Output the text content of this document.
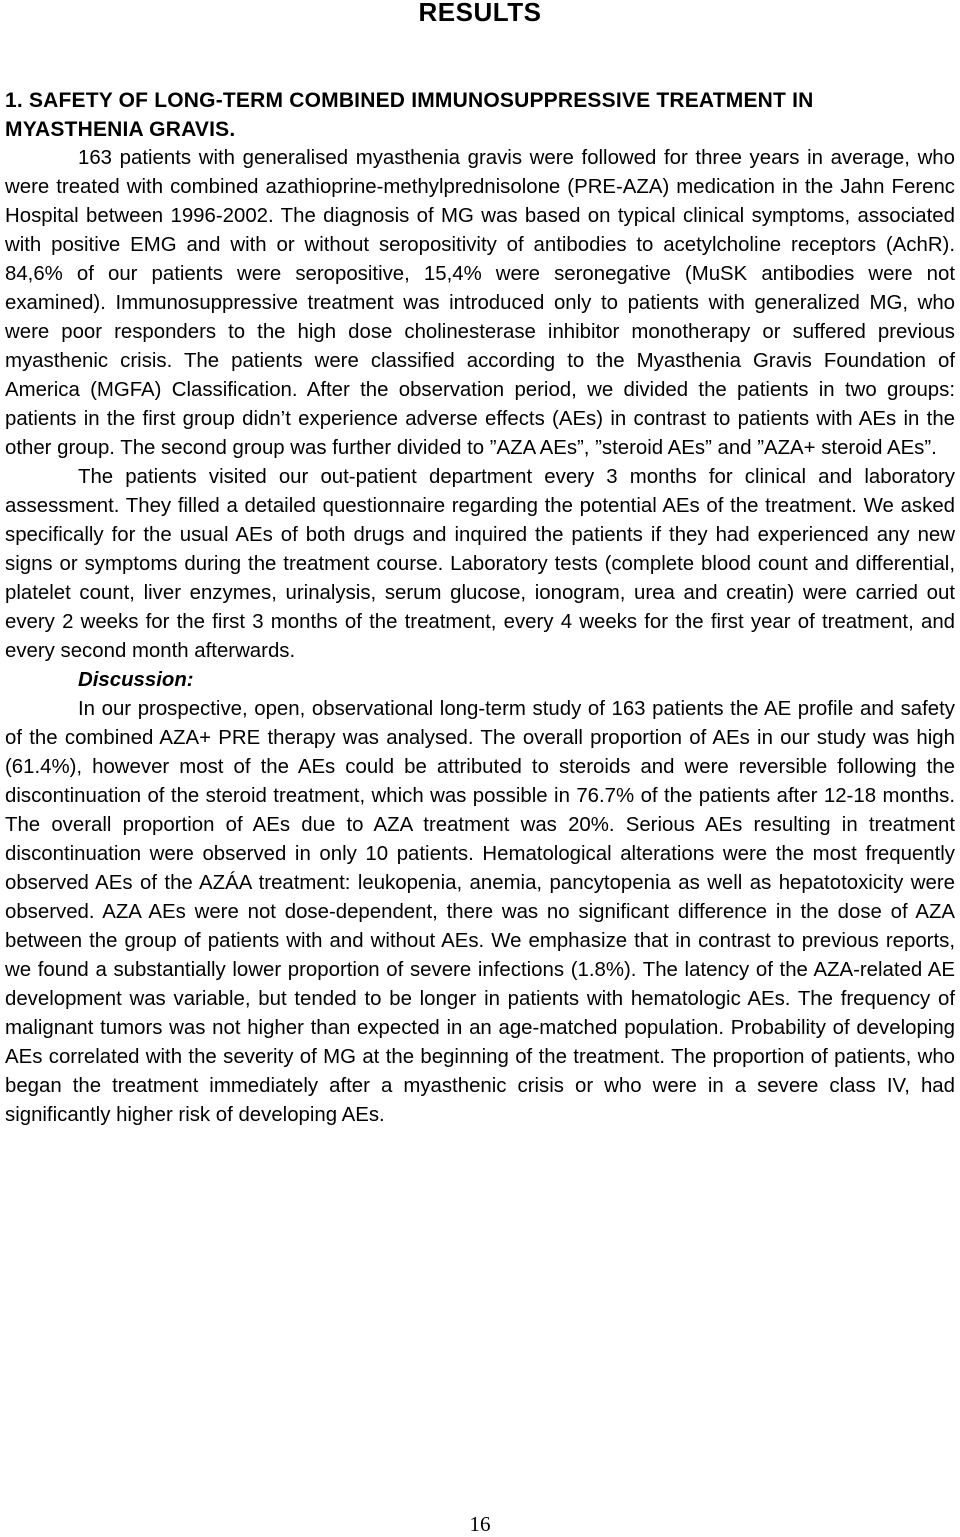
RESULTS

1. SAFETY OF LONG-TERM COMBINED IMMUNOSUPPRESSIVE TREATMENT IN MYASTHENIA GRAVIS.

163 patients with generalised myasthenia gravis were followed for three years in average, who were treated with combined azathioprine-methylprednisolone (PRE-AZA) medication in the Jahn Ferenc Hospital between 1996-2002. The diagnosis of MG was based on typical clinical symptoms, associated with positive EMG and with or without seropositivity of antibodies to acetylcholine receptors (AchR). 84,6% of our patients were seropositive, 15,4% were seronegative (MuSK antibodies were not examined). Immunosuppressive treatment was introduced only to patients with generalized MG, who were poor responders to the high dose cholinesterase inhibitor monotherapy or suffered previous myasthenic crisis. The patients were classified according to the Myasthenia Gravis Foundation of America (MGFA) Classification. After the observation period, we divided the patients in two groups: patients in the first group didn’t experience adverse effects (AEs) in contrast to patients with AEs in the other group. The second group was further divided to ”AZA AEs”, ”steroid AEs” and ”AZA+ steroid AEs”.

The patients visited our out-patient department every 3 months for clinical and laboratory assessment. They filled a detailed questionnaire regarding the potential AEs of the treatment. We asked specifically for the usual AEs of both drugs and inquired the patients if they had experienced any new signs or symptoms during the treatment course. Laboratory tests (complete blood count and differential, platelet count, liver enzymes, urinalysis, serum glucose, ionogram, urea and creatin) were carried out every 2 weeks for the first 3 months of the treatment, every 4 weeks for the first year of treatment, and every second month afterwards.

Discussion:

In our prospective, open, observational long-term study of 163 patients the AE profile and safety of the combined AZA+ PRE therapy was analysed. The overall proportion of AEs in our study was high (61.4%), however most of the AEs could be attributed to steroids and were reversible following the discontinuation of the steroid treatment, which was possible in 76.7% of the patients after 12-18 months. The overall proportion of AEs due to AZA treatment was 20%. Serious AEs resulting in treatment discontinuation were observed in only 10 patients. Hematological alterations were the most frequently observed AEs of the AZÁA treatment: leukopenia, anemia, pancytopenia as well as hepatotoxicity were observed. AZA AEs were not dose-dependent, there was no significant difference in the dose of AZA between the group of patients with and without AEs. We emphasize that in contrast to previous reports, we found a substantially lower proportion of severe infections (1.8%). The latency of the AZA-related AE development was variable, but tended to be longer in patients with hematologic AEs. The frequency of malignant tumors was not higher than expected in an age-matched population. Probability of developing AEs correlated with the severity of MG at the beginning of the treatment. The proportion of patients, who began the treatment immediately after a myasthenic crisis or who were in a severe class IV, had significantly higher risk of developing AEs.

16
